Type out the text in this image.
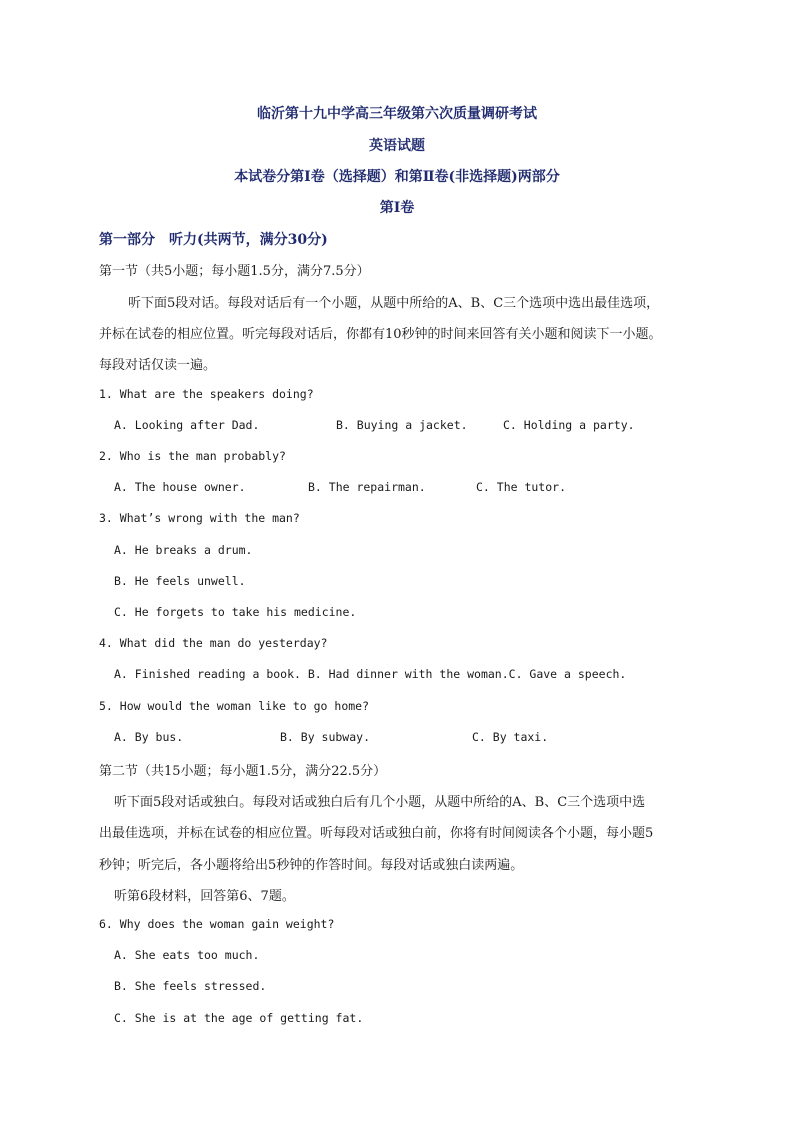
临沂第十九中学高三年级第六次质量调研考试
英语试题
本试卷分第Ⅰ卷（选择题）和第Ⅱ卷(非选择题)两部分
第Ⅰ卷
第一部分　听力(共两节，满分30分)
第一节（共5小题；每小题1.5分，满分7.5分）
听下面5段对话。每段对话后有一个小题，从题中所给的A、B、C三个选项中选出最佳选项，
并标在试卷的相应位置。听完每段对话后，你都有10秒钟的时间来回答有关小题和阅读下一小题。
每段对话仅读一遍。
1. What are the speakers doing?
A. Looking after Dad.	B. Buying a jacket.	C. Holding a party.
2. Who is the man probably?
A. The house owner.	B. The repairman.	C. The tutor.
3. What’s wrong with the man?
A. He breaks a drum.
B. He feels unwell.
C. He forgets to take his medicine.
4. What did the man do yesterday?
A. Finished reading a book. B. Had dinner with the woman.C. Gave a speech.
5. How would the woman like to go home?
A. By bus.	B. By subway.	C. By taxi.
第二节（共15小题；每小题1.5分，满分22.5分）
听下面5段对话或独白。每段对话或独白后有几个小题，从题中所给的A、B、C三个选项中选
出最佳选项，并标在试卷的相应位置。听每段对话或独白前，你将有时间阅读各个小题，每小题5
秒钟；听完后，各小题将给出5秒钟的作答时间。每段对话或独白读两遍。
听第6段材料，回答第6、7题。
6. Why does the woman gain weight?
A. She eats too much.
B. She feels stressed.
C. She is at the age of getting fat.
